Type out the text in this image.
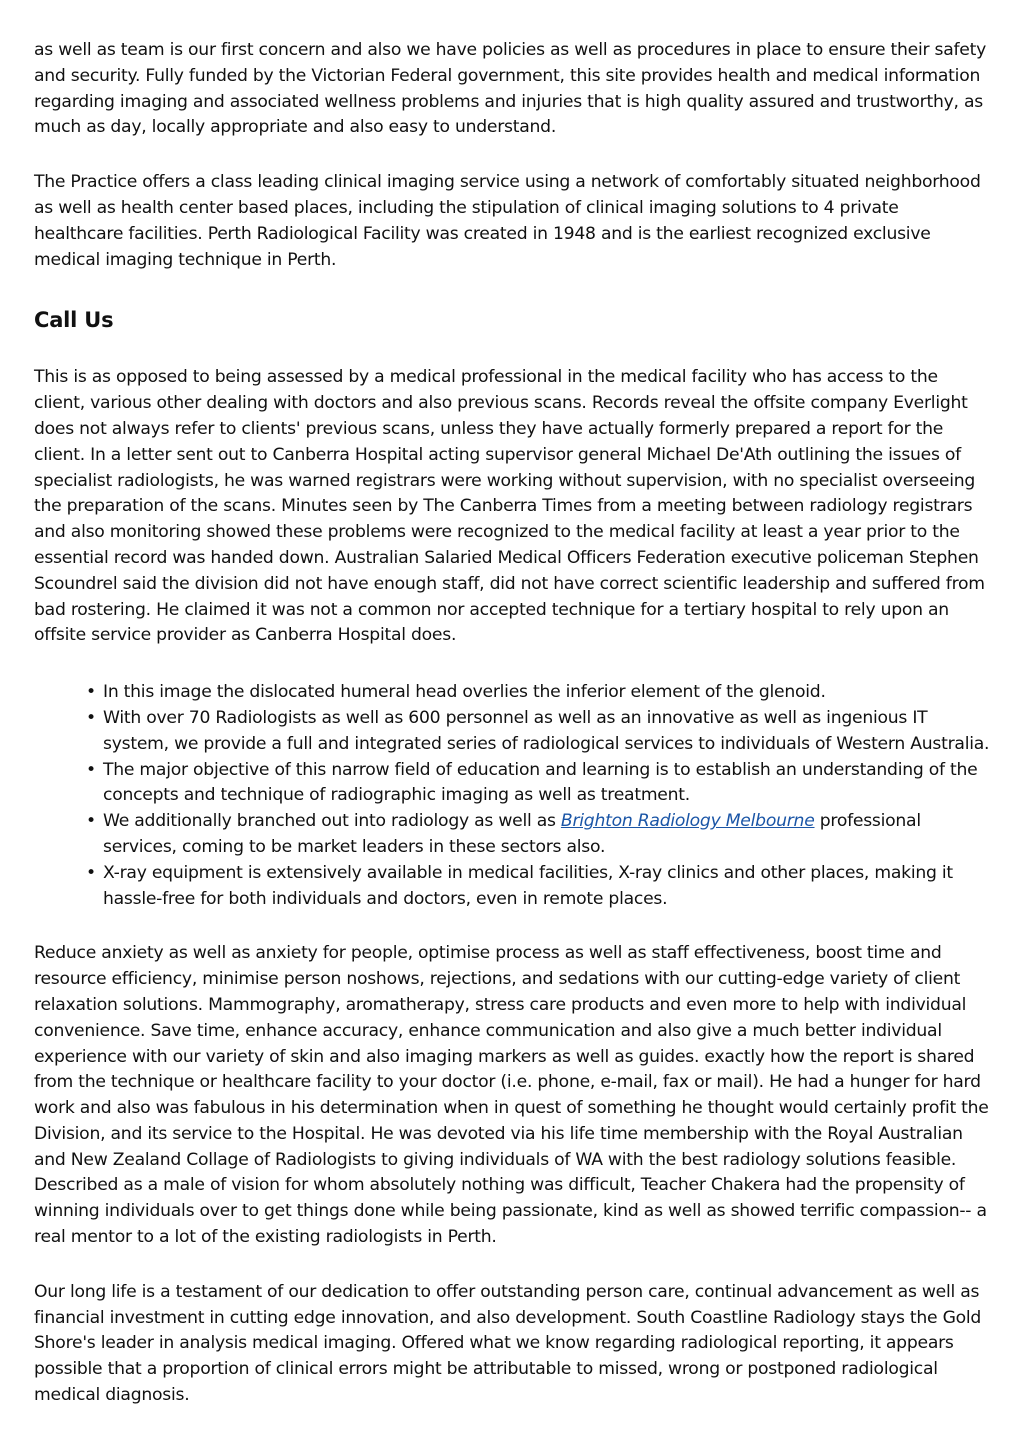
as well as team is our first concern and also we have policies as well as procedures in place to ensure their safety and security. Fully funded by the Victorian Federal government, this site provides health and medical information regarding imaging and associated wellness problems and injuries that is high quality assured and trustworthy, as much as day, locally appropriate and also easy to understand.

The Practice offers a class leading clinical imaging service using a network of comfortably situated neighborhood as well as health center based places, including the stipulation of clinical imaging solutions to 4 private healthcare facilities. Perth Radiological Facility was created in 1948 and is the earliest recognized exclusive medical imaging technique in Perth.

Call Us

This is as opposed to being assessed by a medical professional in the medical facility who has access to the client, various other dealing with doctors and also previous scans. Records reveal the offsite company Everlight does not always refer to clients' previous scans, unless they have actually formerly prepared a report for the client. In a letter sent out to Canberra Hospital acting supervisor general Michael De'Ath outlining the issues of specialist radiologists, he was warned registrars were working without supervision, with no specialist overseeing the preparation of the scans. Minutes seen by The Canberra Times from a meeting between radiology registrars and also monitoring showed these problems were recognized to the medical facility at least a year prior to the essential record was handed down. Australian Salaried Medical Officers Federation executive policeman Stephen Scoundrel said the division did not have enough staff, did not have correct scientific leadership and suffered from bad rostering. He claimed it was not a common nor accepted technique for a tertiary hospital to rely upon an offsite service provider as Canberra Hospital does.

• In this image the dislocated humeral head overlies the inferior element of the glenoid.
• With over 70 Radiologists as well as 600 personnel as well as an innovative as well as ingenious IT system, we provide a full and integrated series of radiological services to individuals of Western Australia.
• The major objective of this narrow field of education and learning is to establish an understanding of the concepts and technique of radiographic imaging as well as treatment.
• We additionally branched out into radiology as well as Brighton Radiology Melbourne professional services, coming to be market leaders in these sectors also.
• X-ray equipment is extensively available in medical facilities, X-ray clinics and other places, making it hassle-free for both individuals and doctors, even in remote places.

Reduce anxiety as well as anxiety for people, optimise process as well as staff effectiveness, boost time and resource efficiency, minimise person noshows, rejections, and sedations with our cutting-edge variety of client relaxation solutions. Mammography, aromatherapy, stress care products and even more to help with individual convenience. Save time, enhance accuracy, enhance communication and also give a much better individual experience with our variety of skin and also imaging markers as well as guides. exactly how the report is shared from the technique or healthcare facility to your doctor (i.e. phone, e-mail, fax or mail). He had a hunger for hard work and also was fabulous in his determination when in quest of something he thought would certainly profit the Division, and its service to the Hospital. He was devoted via his life time membership with the Royal Australian and New Zealand Collage of Radiologists to giving individuals of WA with the best radiology solutions feasible. Described as a male of vision for whom absolutely nothing was difficult, Teacher Chakera had the propensity of winning individuals over to get things done while being passionate, kind as well as showed terrific compassion-- a real mentor to a lot of the existing radiologists in Perth.

Our long life is a testament of our dedication to offer outstanding person care, continual advancement as well as financial investment in cutting edge innovation, and also development. South Coastline Radiology stays the Gold Shore's leader in analysis medical imaging. Offered what we know regarding radiological reporting, it appears possible that a proportion of clinical errors might be attributable to missed, wrong or postponed radiological medical diagnosis.
